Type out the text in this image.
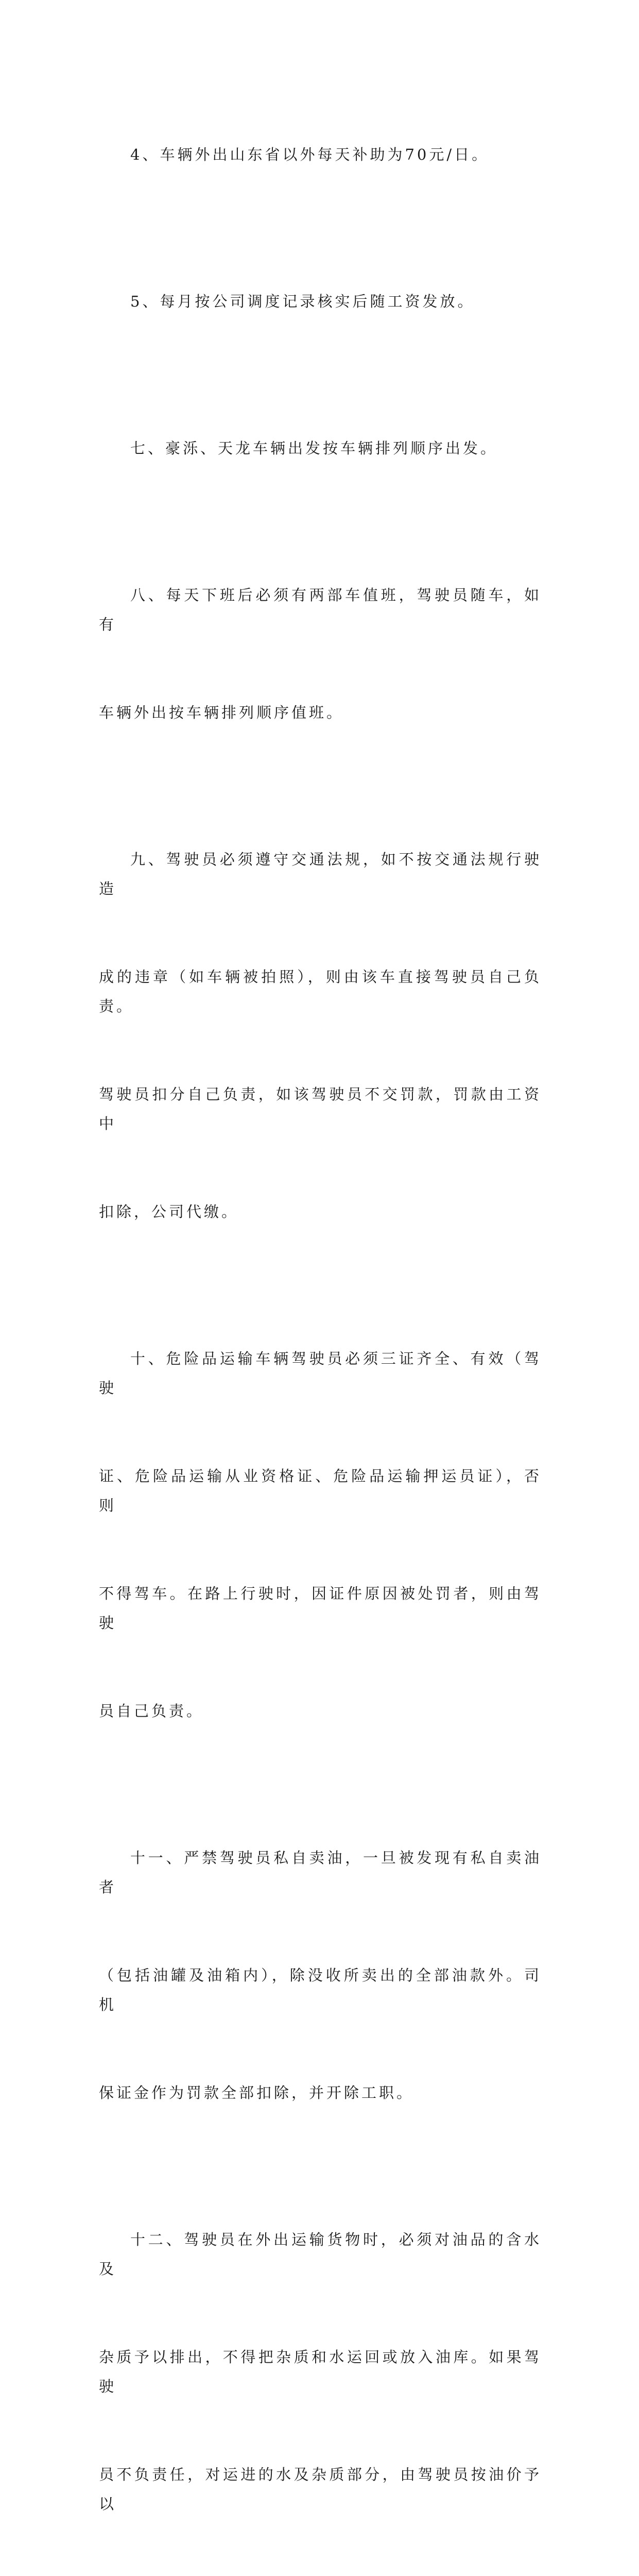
4、车辆外出山东省以外每天补助为70元/日。

5、每月按公司调度记录核实后随工资发放。

七、豪泺、天龙车辆出发按车辆排列顺序出发。

八、每天下班后必须有两部车值班，驾驶员随车，如有

车辆外出按车辆排列顺序值班。

九、驾驶员必须遵守交通法规，如不按交通法规行驶造

成的违章（如车辆被拍照），则由该车直接驾驶员自己负责。

驾驶员扣分自己负责，如该驾驶员不交罚款，罚款由工资中

扣除，公司代缴。

十、危险品运输车辆驾驶员必须三证齐全、有效（驾驶

证、危险品运输从业资格证、危险品运输押运员证），否则

不得驾车。在路上行驶时，因证件原因被处罚者，则由驾驶

员自己负责。

十一、严禁驾驶员私自卖油，一旦被发现有私自卖油者

（包括油罐及油箱内），除没收所卖出的全部油款外。司机

保证金作为罚款全部扣除，并开除工职。

十二、驾驶员在外出运输货物时，必须对油品的含水及

杂质予以排出，不得把杂质和水运回或放入油库。如果驾驶

员不负责任，对运进的水及杂质部分，由驾驶员按油价予以
